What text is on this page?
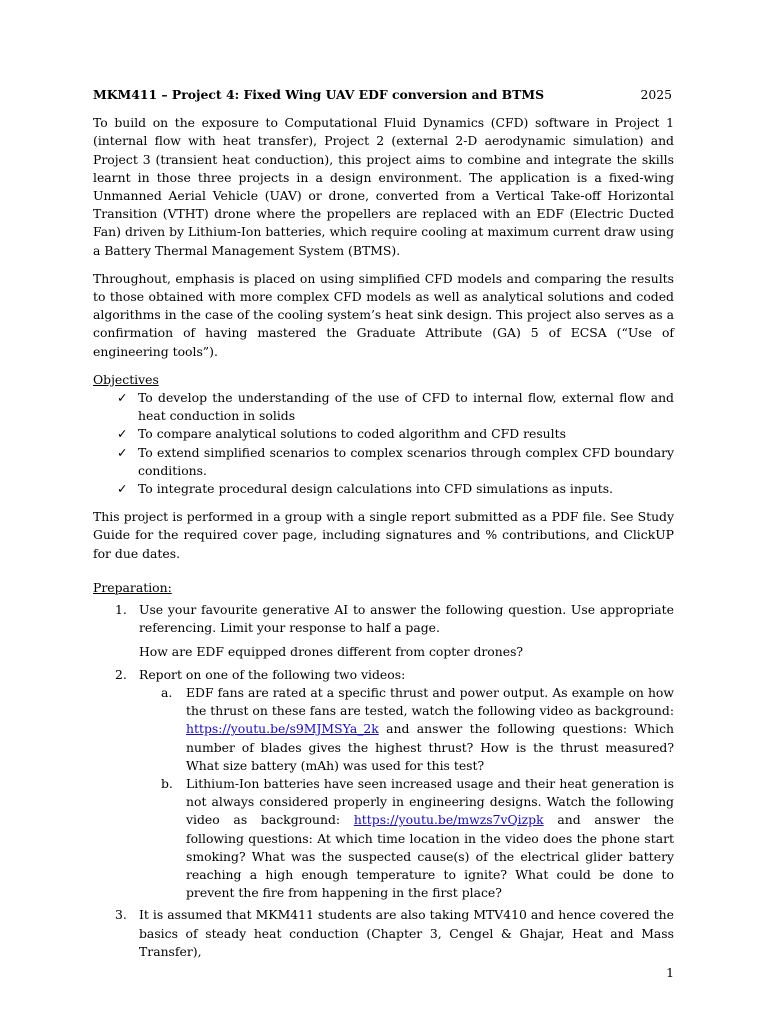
MKM411 – Project 4: Fixed Wing UAV EDF conversion and BTMS	2025

To build on the exposure to Computational Fluid Dynamics (CFD) software in Project 1 (internal flow with heat transfer), Project 2 (external 2-D aerodynamic simulation) and Project 3 (transient heat conduction), this project aims to combine and integrate the skills learnt in those three projects in a design environment. The application is a fixed-wing Unmanned Aerial Vehicle (UAV) or drone, converted from a Vertical Take-off Horizontal Transition (VTHT) drone where the propellers are replaced with an EDF (Electric Ducted Fan) driven by Lithium-Ion batteries, which require cooling at maximum current draw using a Battery Thermal Management System (BTMS).

Throughout, emphasis is placed on using simplified CFD models and comparing the results to those obtained with more complex CFD models as well as analytical solutions and coded algorithms in the case of the cooling system’s heat sink design. This project also serves as a confirmation of having mastered the Graduate Attribute (GA) 5 of ECSA (“Use of engineering tools”).

Objectives
✓ To develop the understanding of the use of CFD to internal flow, external flow and heat conduction in solids
✓ To compare analytical solutions to coded algorithm and CFD results
✓ To extend simplified scenarios to complex scenarios through complex CFD boundary conditions.
✓ To integrate procedural design calculations into CFD simulations as inputs.

This project is performed in a group with a single report submitted as a PDF file. See Study Guide for the required cover page, including signatures and % contributions, and ClickUP for due dates.

Preparation:
1. Use your favourite generative AI to answer the following question. Use appropriate referencing. Limit your response to half a page.

How are EDF equipped drones different from copter drones?

2. Report on one of the following two videos:

a. EDF fans are rated at a specific thrust and power output. As example on how the thrust on these fans are tested, watch the following video as background: https://youtu.be/s9MJMSYa_2k and answer the following questions: Which number of blades gives the highest thrust? How is the thrust measured? What size battery (mAh) was used for this test?

b. Lithium-Ion batteries have seen increased usage and their heat generation is not always considered properly in engineering designs. Watch the following video as background: https://youtu.be/mwzs7vQizpk and answer the following questions: At which time location in the video does the phone start smoking? What was the suspected cause(s) of the electrical glider battery reaching a high enough temperature to ignite? What could be done to prevent the fire from happening in the first place?

3. It is assumed that MKM411 students are also taking MTV410 and hence covered the basics of steady heat conduction (Chapter 3, Cengel & Ghajar, Heat and Mass Transfer),

1
